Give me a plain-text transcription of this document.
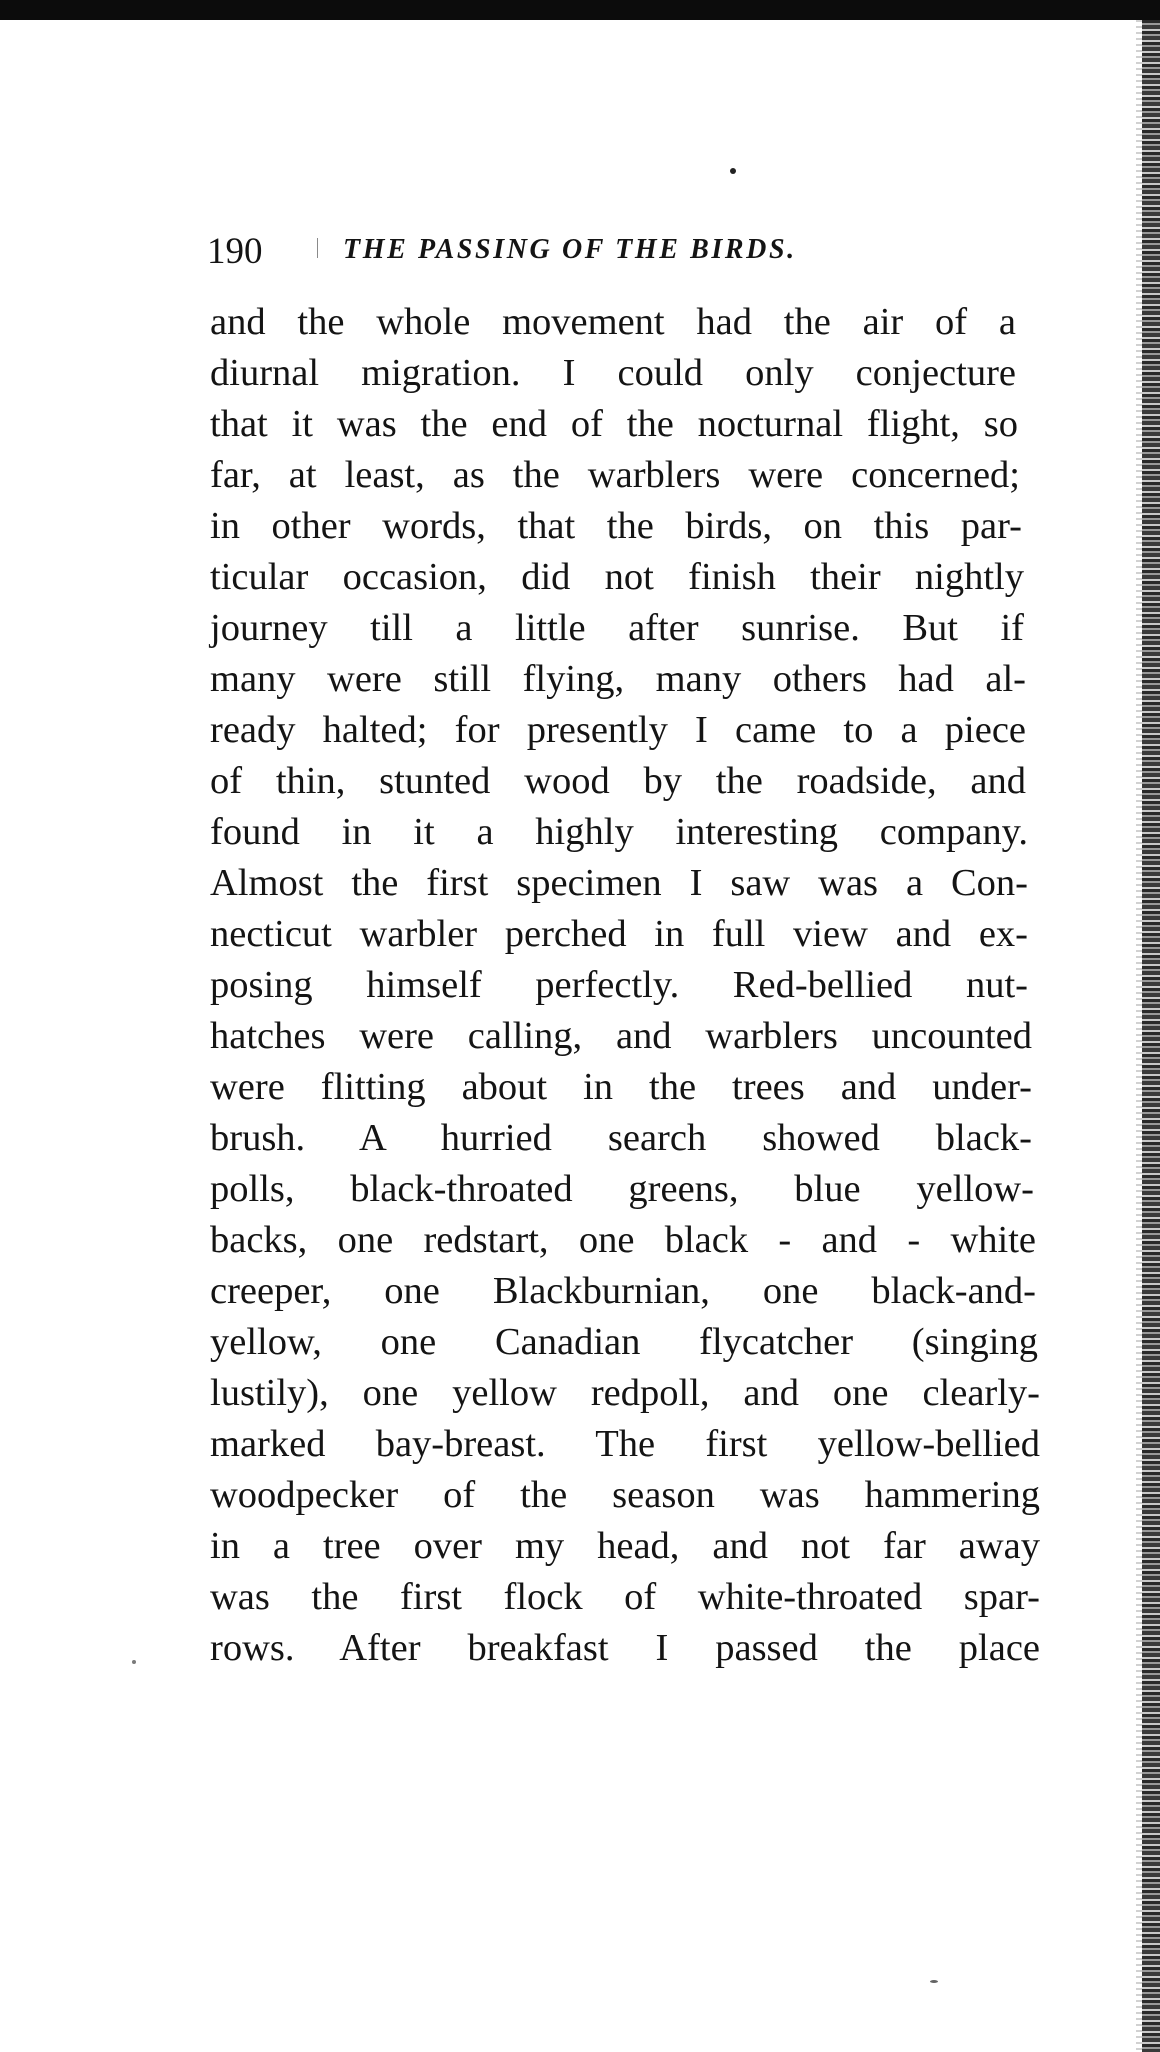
190	THE PASSING OF THE BIRDS.
and the whole movement had the air of a
diurnal migration. I could only conjecture
that it was the end of the nocturnal flight, so
far, at least, as the warblers were concerned;
in other words, that the birds, on this par-
ticular occasion, did not finish their nightly
journey till a little after sunrise. But if
many were still flying, many others had al-
ready halted; for presently I came to a piece
of thin, stunted wood by the roadside, and
found in it a highly interesting company.
Almost the first specimen I saw was a Con-
necticut warbler perched in full view and ex-
posing himself perfectly. Red-bellied nut-
hatches were calling, and warblers uncounted
were flitting about in the trees and under-
brush. A hurried search showed black-
polls, black-throated greens, blue yellow-
backs, one redstart, one black - and - white
creeper, one Blackburnian, one black-and-
yellow, one Canadian flycatcher (singing
lustily), one yellow redpoll, and one clearly-
marked bay-breast. The first yellow-bellied
woodpecker of the season was hammering
in a tree over my head, and not far away
was the first flock of white-throated spar-
rows. After breakfast I passed the place
